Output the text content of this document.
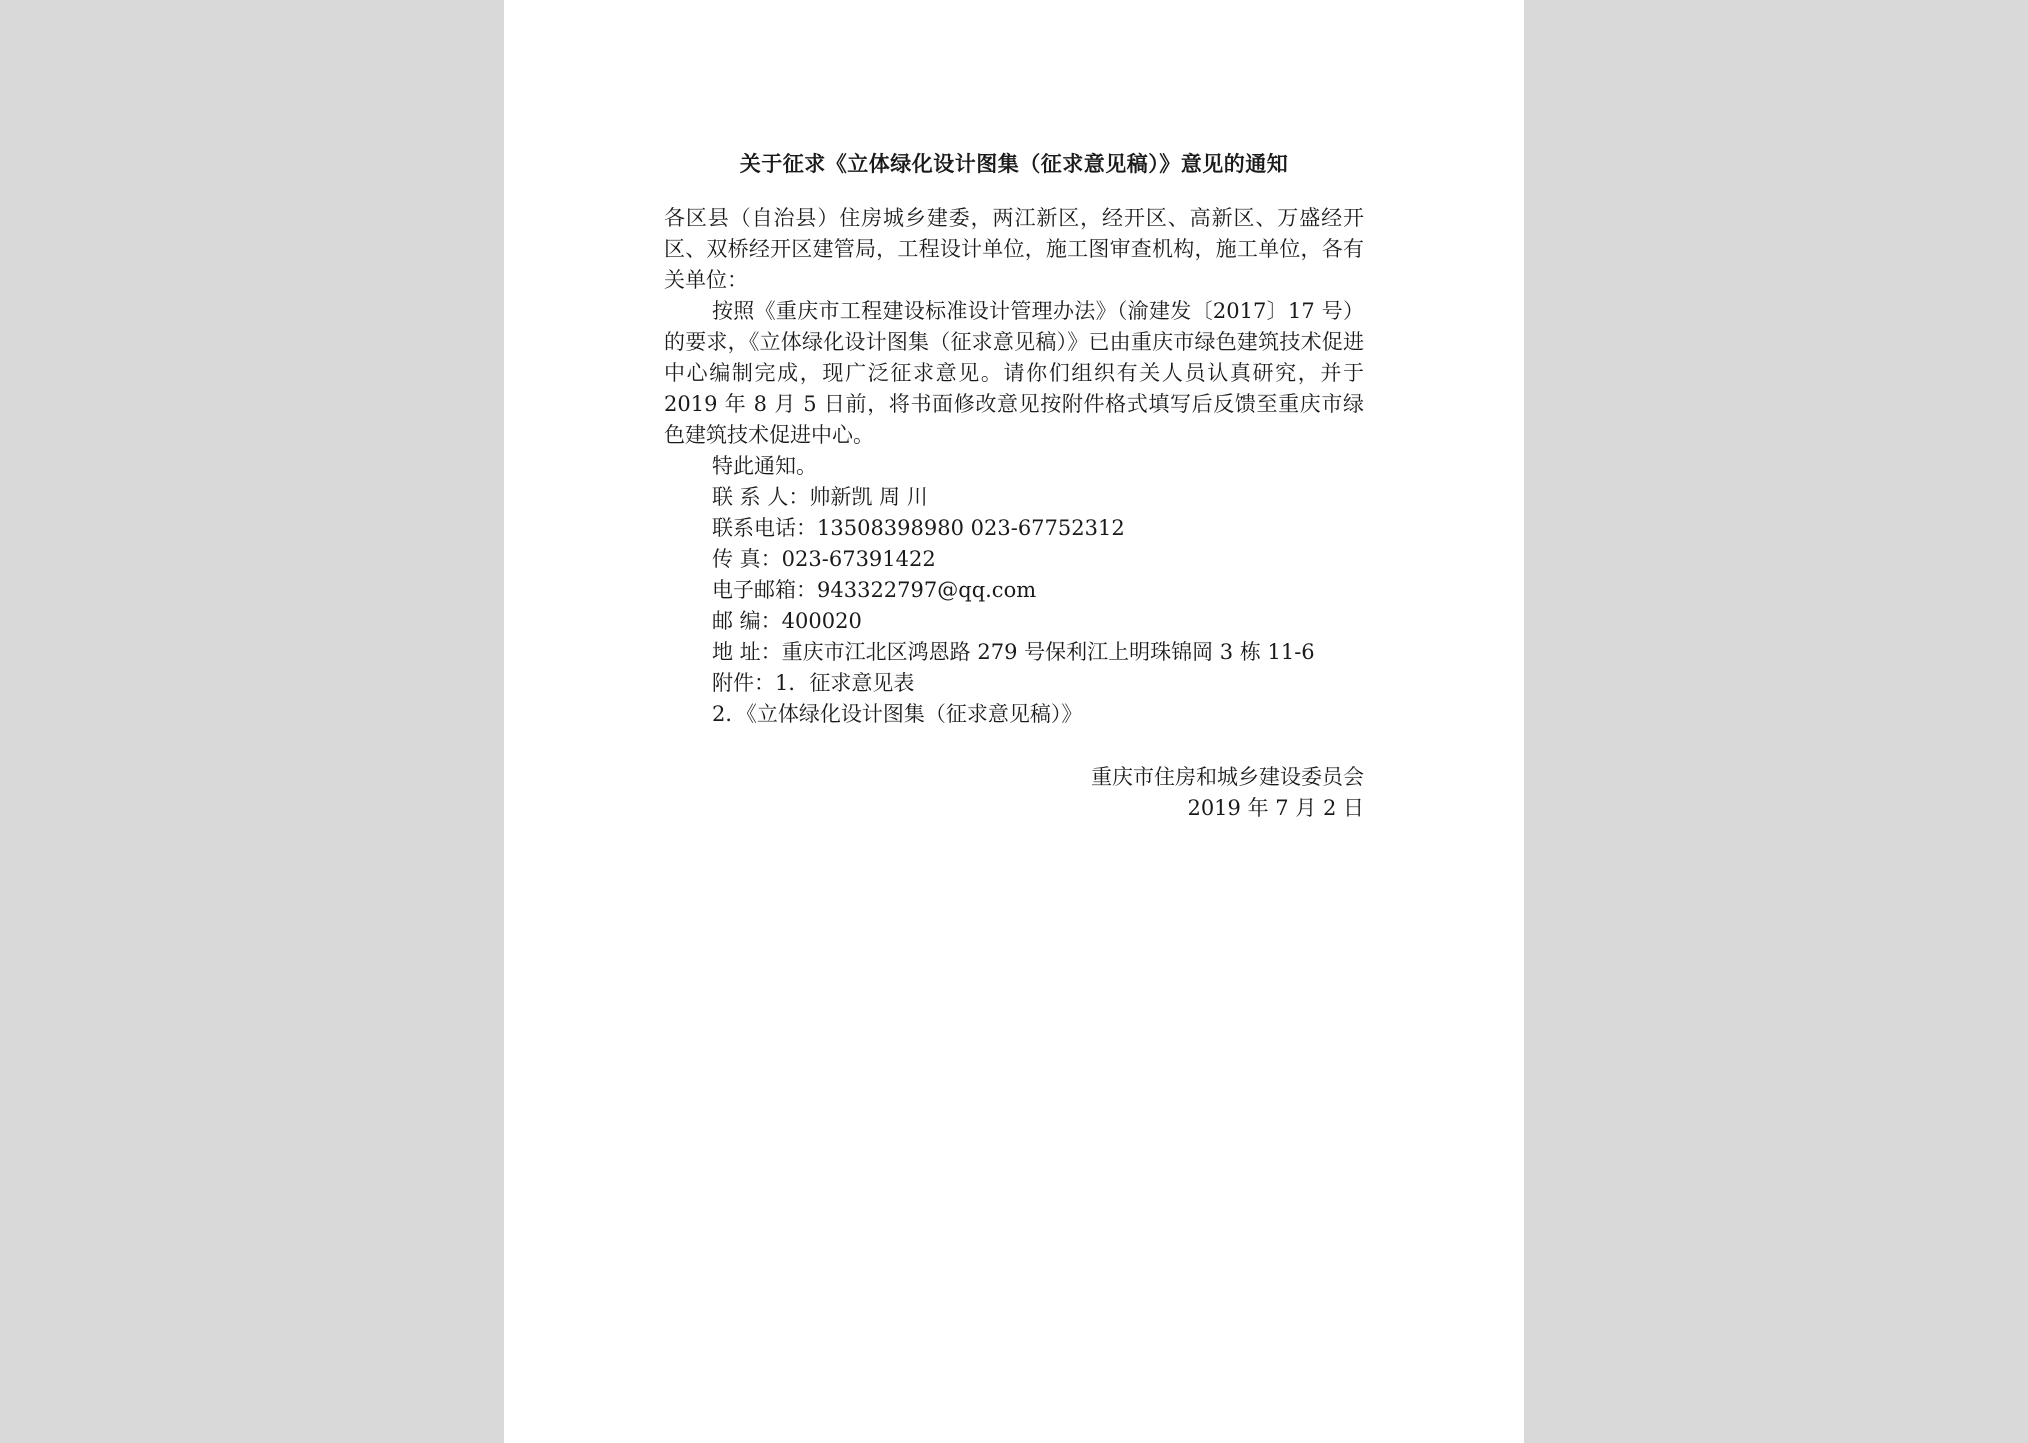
关于征求《立体绿化设计图集（征求意见稿）》意见的通知

各区县（自治县）住房城乡建委，两江新区，经开区、高新区、万盛经开区、双桥经开区建管局，工程设计单位，施工图审查机构，施工单位，各有关单位：

按照《重庆市工程建设标准设计管理办法》（渝建发〔2017〕17 号）的要求，《立体绿化设计图集（征求意见稿）》已由重庆市绿色建筑技术促进中心编制完成，现广泛征求意见。请你们组织有关人员认真研究，并于 2019 年 8 月 5 日前，将书面修改意见按附件格式填写后反馈至重庆市绿色建筑技术促进中心。

特此通知。

联 系 人：帅新凯 周 川

联系电话：13508398980 023-67752312

传 真：023-67391422

电子邮箱：943322797@qq.com

邮 编：400020

地 址：重庆市江北区鸿恩路 279 号保利江上明珠锦岡 3 栋 11-6

附件：1．征求意见表

2．《立体绿化设计图集（征求意见稿）》

重庆市住房和城乡建设委员会
2019 年 7 月 2 日
